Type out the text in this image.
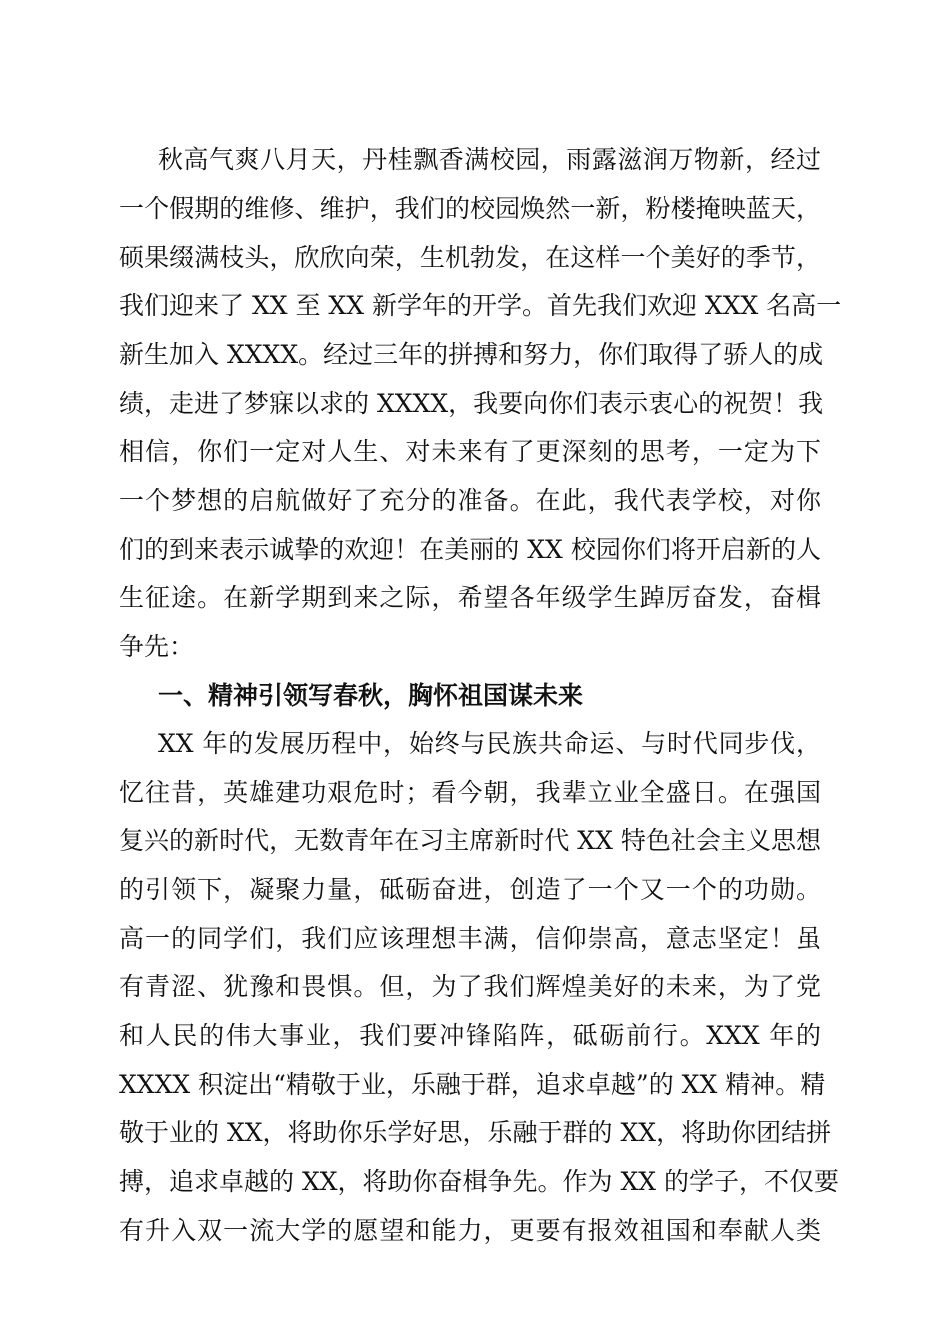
秋高气爽八月天，丹桂飘香满校园，雨露滋润万物新，经过
一个假期的维修、维护，我们的校园焕然一新，粉楼掩映蓝天，
硕果缀满枝头，欣欣向荣，生机勃发，在这样一个美好的季节，
我们迎来了 XX 至 XX 新学年的开学。首先我们欢迎 XXX 名高一
新生加入 XXXX。经过三年的拼搏和努力，你们取得了骄人的成
绩，走进了梦寐以求的 XXXX，我要向你们表示衷心的祝贺！我
相信，你们一定对人生、对未来有了更深刻的思考，一定为下
一个梦想的启航做好了充分的准备。在此，我代表学校，对你
们的到来表示诚挚的欢迎！在美丽的 XX 校园你们将开启新的人
生征途。在新学期到来之际，希望各年级学生踔厉奋发，奋楫
争先：
一、精神引领写春秋，胸怀祖国谋未来
XX 年的发展历程中，始终与民族共命运、与时代同步伐，
忆往昔，英雄建功艰危时；看今朝，我辈立业全盛日。在强国
复兴的新时代，无数青年在习主席新时代 XX 特色社会主义思想
的引领下，凝聚力量，砥砺奋进，创造了一个又一个的功勋。
高一的同学们，我们应该理想丰满，信仰崇高，意志坚定！虽
有青涩、犹豫和畏惧。但，为了我们辉煌美好的未来，为了党
和人民的伟大事业，我们要冲锋陷阵，砥砺前行。XXX 年的
XXXX 积淀出“精敬于业，乐融于群，追求卓越”的 XX 精神。精
敬于业的 XX，将助你乐学好思，乐融于群的 XX，将助你团结拼
搏，追求卓越的 XX，将助你奋楫争先。作为 XX 的学子，不仅要
有升入双一流大学的愿望和能力，更要有报效祖国和奉献人类
